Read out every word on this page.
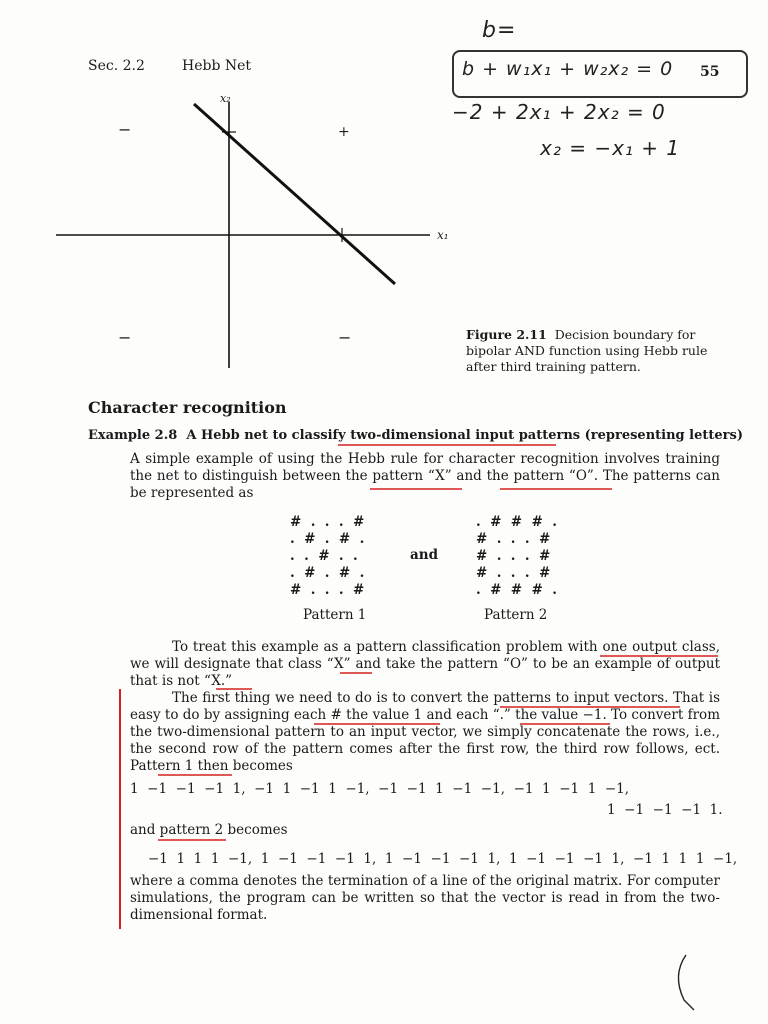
Sec. 2.2	Hebb Net
b=
b + w₁x₁ + w₂x₂ = 0 55
−2 + 2x₁ + 2x₂ = 0
x₂ = −x₁ + 1
x₂
x₁
−	+
−	−	Figure 2.11 Decision boundary for bipolar AND function using Hebb rule after third training pattern.
Character recognition
Example 2.8 A Hebb net to classify two-dimensional input patterns (representing letters)
A simple example of using the Hebb rule for character recognition involves training the net to distinguish between the pattern “X” and the pattern “O”. The patterns can be represented as
#  .  .  .  #
.  #  .  #  .
.  .  #  .  .
.  #  .  #  .
#  .  .  .  #
and
.  #  #  #  .
#  .  .  .  #
#  .  .  .  #
#  .  .  .  #
.  #  #  #  .
Pattern 1	Pattern 2
To treat this example as a pattern classification problem with one output class, we will designate that class “X” and take the pattern “O” to be an example of output that is not “X.”
The first thing we need to do is to convert the patterns to input vectors. That is easy to do by assigning each # the value 1 and each “.” the value −1. To convert from the two-dimensional pattern to an input vector, we simply concatenate the rows, i.e., the second row of the pattern comes after the first row, the third row follows, ect. Pattern 1 then becomes
1  −1  −1  −1  1,  −1  1  −1  1  −1,  −1  −1  1  −1  −1,  −1  1  −1  1  −1,
1  −1  −1  −1  1.
and pattern 2 becomes
−1  1  1  1  −1,  1  −1  −1  −1  1,  1  −1  −1  −1  1,  1  −1  −1  −1  1,  −1  1  1  1  −1,
where a comma denotes the termination of a line of the original matrix. For computer simulations, the program can be written so that the vector is read in from the two-dimensional format.
